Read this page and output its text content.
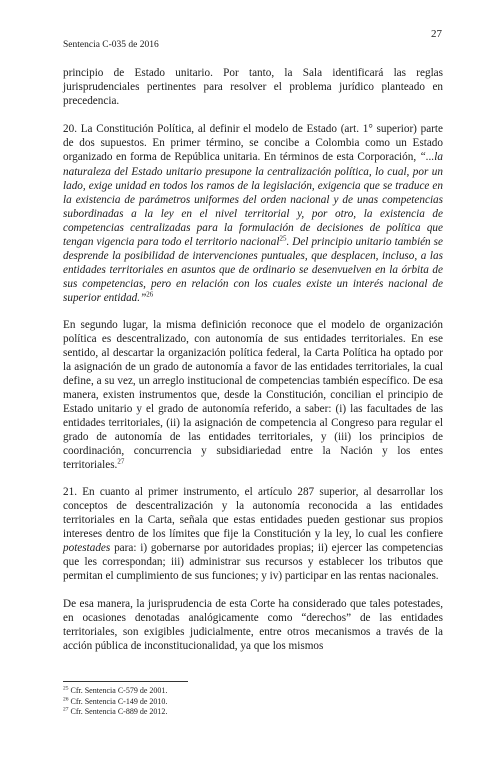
Sentencia C-035 de 2016
27

principio de Estado unitario. Por tanto, la Sala identificará las reglas jurisprudenciales pertinentes para resolver el problema jurídico planteado en precedencia.

20. La Constitución Política, al definir el modelo de Estado (art. 1° superior) parte de dos supuestos. En primer término, se concibe a Colombia como un Estado organizado en forma de República unitaria. En términos de esta Corporación, “...la naturaleza del Estado unitario presupone la centralización política, lo cual, por un lado, exige unidad en todos los ramos de la legislación, exigencia que se traduce en la existencia de parámetros uniformes del orden nacional y de unas competencias subordinadas a la ley en el nivel territorial y, por otro, la existencia de competencias centralizadas para la formulación de decisiones de política que tengan vigencia para todo el territorio nacional$^{25}$. Del principio unitario también se desprende la posibilidad de intervenciones puntuales, que desplacen, incluso, a las entidades territoriales en asuntos que de ordinario se desenvuelven en la órbita de sus competencias, pero en relación con los cuales existe un interés nacional de superior entidad.”$^{26}$

En segundo lugar, la misma definición reconoce que el modelo de organización política es descentralizado, con autonomía de sus entidades territoriales. En ese sentido, al descartar la organización política federal, la Carta Política ha optado por la asignación de un grado de autonomía a favor de las entidades territoriales, la cual define, a su vez, un arreglo institucional de competencias también específico. De esa manera, existen instrumentos que, desde la Constitución, concilian el principio de Estado unitario y el grado de autonomía referido, a saber: (i) las facultades de las entidades territoriales, (ii) la asignación de competencia al Congreso para regular el grado de autonomía de las entidades territoriales, y (iii) los principios de coordinación, concurrencia y subsidiariedad entre la Nación y los entes territoriales.$^{27}$

21. En cuanto al primer instrumento, el artículo 287 superior, al desarrollar los conceptos de descentralización y la autonomía reconocida a las entidades territoriales en la Carta, señala que estas entidades pueden gestionar sus propios intereses dentro de los límites que fije la Constitución y la ley, lo cual les confiere potestades para: i) gobernarse por autoridades propias; ii) ejercer las competencias que les correspondan; iii) administrar sus recursos y establecer los tributos que permitan el cumplimiento de sus funciones; y iv) participar en las rentas nacionales.

De esa manera, la jurisprudencia de esta Corte ha considerado que tales potestades, en ocasiones denotadas analógicamente como “derechos” de las entidades territoriales, son exigibles judicialmente, entre otros mecanismos a través de la acción pública de inconstitucionalidad, ya que los mismos

$^{25}$ Cfr. Sentencia C-579 de 2001.
$^{26}$ Cfr. Sentencia C-149 de 2010.
$^{27}$ Cfr. Sentencia C-889 de 2012.
